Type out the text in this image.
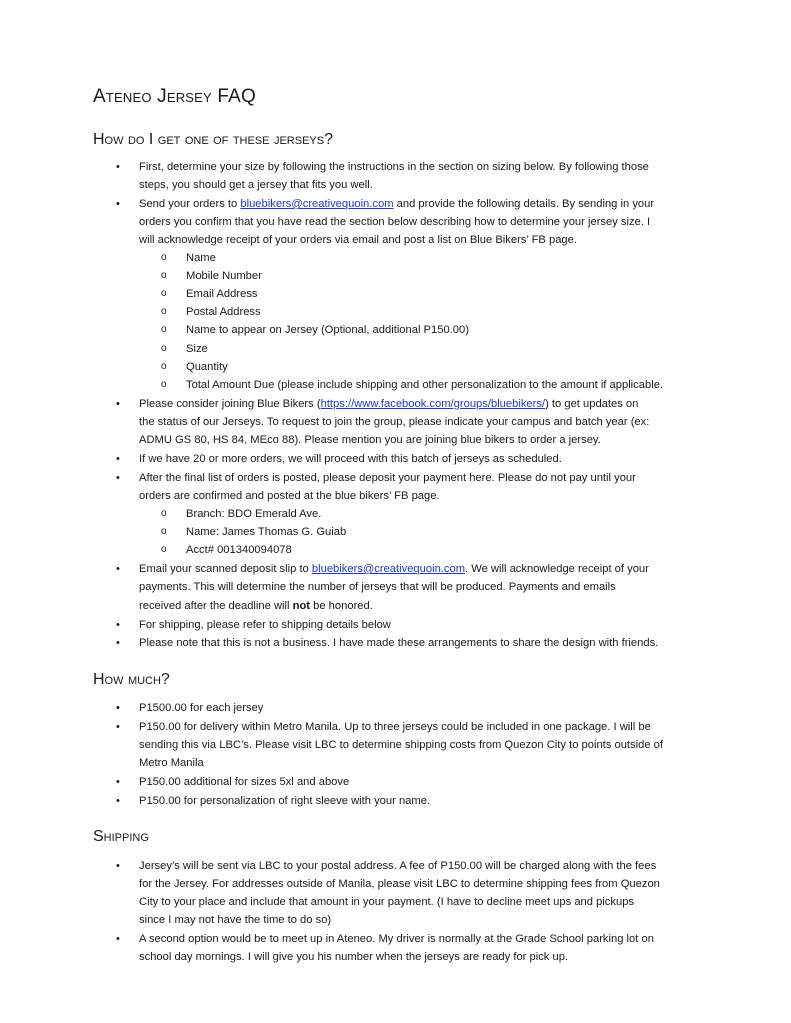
Ateneo Jersey FAQ
How do I get one of these jerseys?
• First, determine your size by following the instructions in the section on sizing below. By following those
steps, you should get a jersey that fits you well.
• Send your orders to bluebikers@creativequoin.com and provide the following details. By sending in your
orders you confirm that you have read the section below describing how to determine your jersey size. I
will acknowledge receipt of your orders via email and post a list on Blue Bikers’ FB page.
o Name
o Mobile Number
o Email Address
o Postal Address
o Name to appear on Jersey (Optional, additional P150.00)
o Size
o Quantity
o Total Amount Due (please include shipping and other personalization to the amount if applicable.
• Please consider joining Blue Bikers (https://www.facebook.com/groups/bluebikers/) to get updates on
the status of our Jerseys. To request to join the group, please indicate your campus and batch year (ex:
ADMU GS 80, HS 84, MEco 88). Please mention you are joining blue bikers to order a jersey.
• If we have 20 or more orders, we will proceed with this batch of jerseys as scheduled.
• After the final list of orders is posted, please deposit your payment here. Please do not pay until your
orders are confirmed and posted at the blue bikers’ FB page.
o Branch: BDO Emerald Ave.
o Name: James Thomas G. Guiab
o Acct# 001340094078
• Email your scanned deposit slip to bluebikers@creativequoin.com. We will acknowledge receipt of your
payments. This will determine the number of jerseys that will be produced. Payments and emails
received after the deadline will not be honored.
• For shipping, please refer to shipping details below
• Please note that this is not a business. I have made these arrangements to share the design with friends.
How much?
• P1500.00 for each jersey
• P150.00 for delivery within Metro Manila. Up to three jerseys could be included in one package. I will be
sending this via LBC’s. Please visit LBC to determine shipping costs from Quezon City to points outside of
Metro Manila
• P150.00 additional for sizes 5xl and above
• P150.00 for personalization of right sleeve with your name.
Shipping
• Jersey’s will be sent via LBC to your postal address. A fee of P150.00 will be charged along with the fees
for the Jersey. For addresses outside of Manila, please visit LBC to determine shipping fees from Quezon
City to your place and include that amount in your payment. (I have to decline meet ups and pickups
since I may not have the time to do so)
• A second option would be to meet up in Ateneo. My driver is normally at the Grade School parking lot on
school day mornings. I will give you his number when the jerseys are ready for pick up.
